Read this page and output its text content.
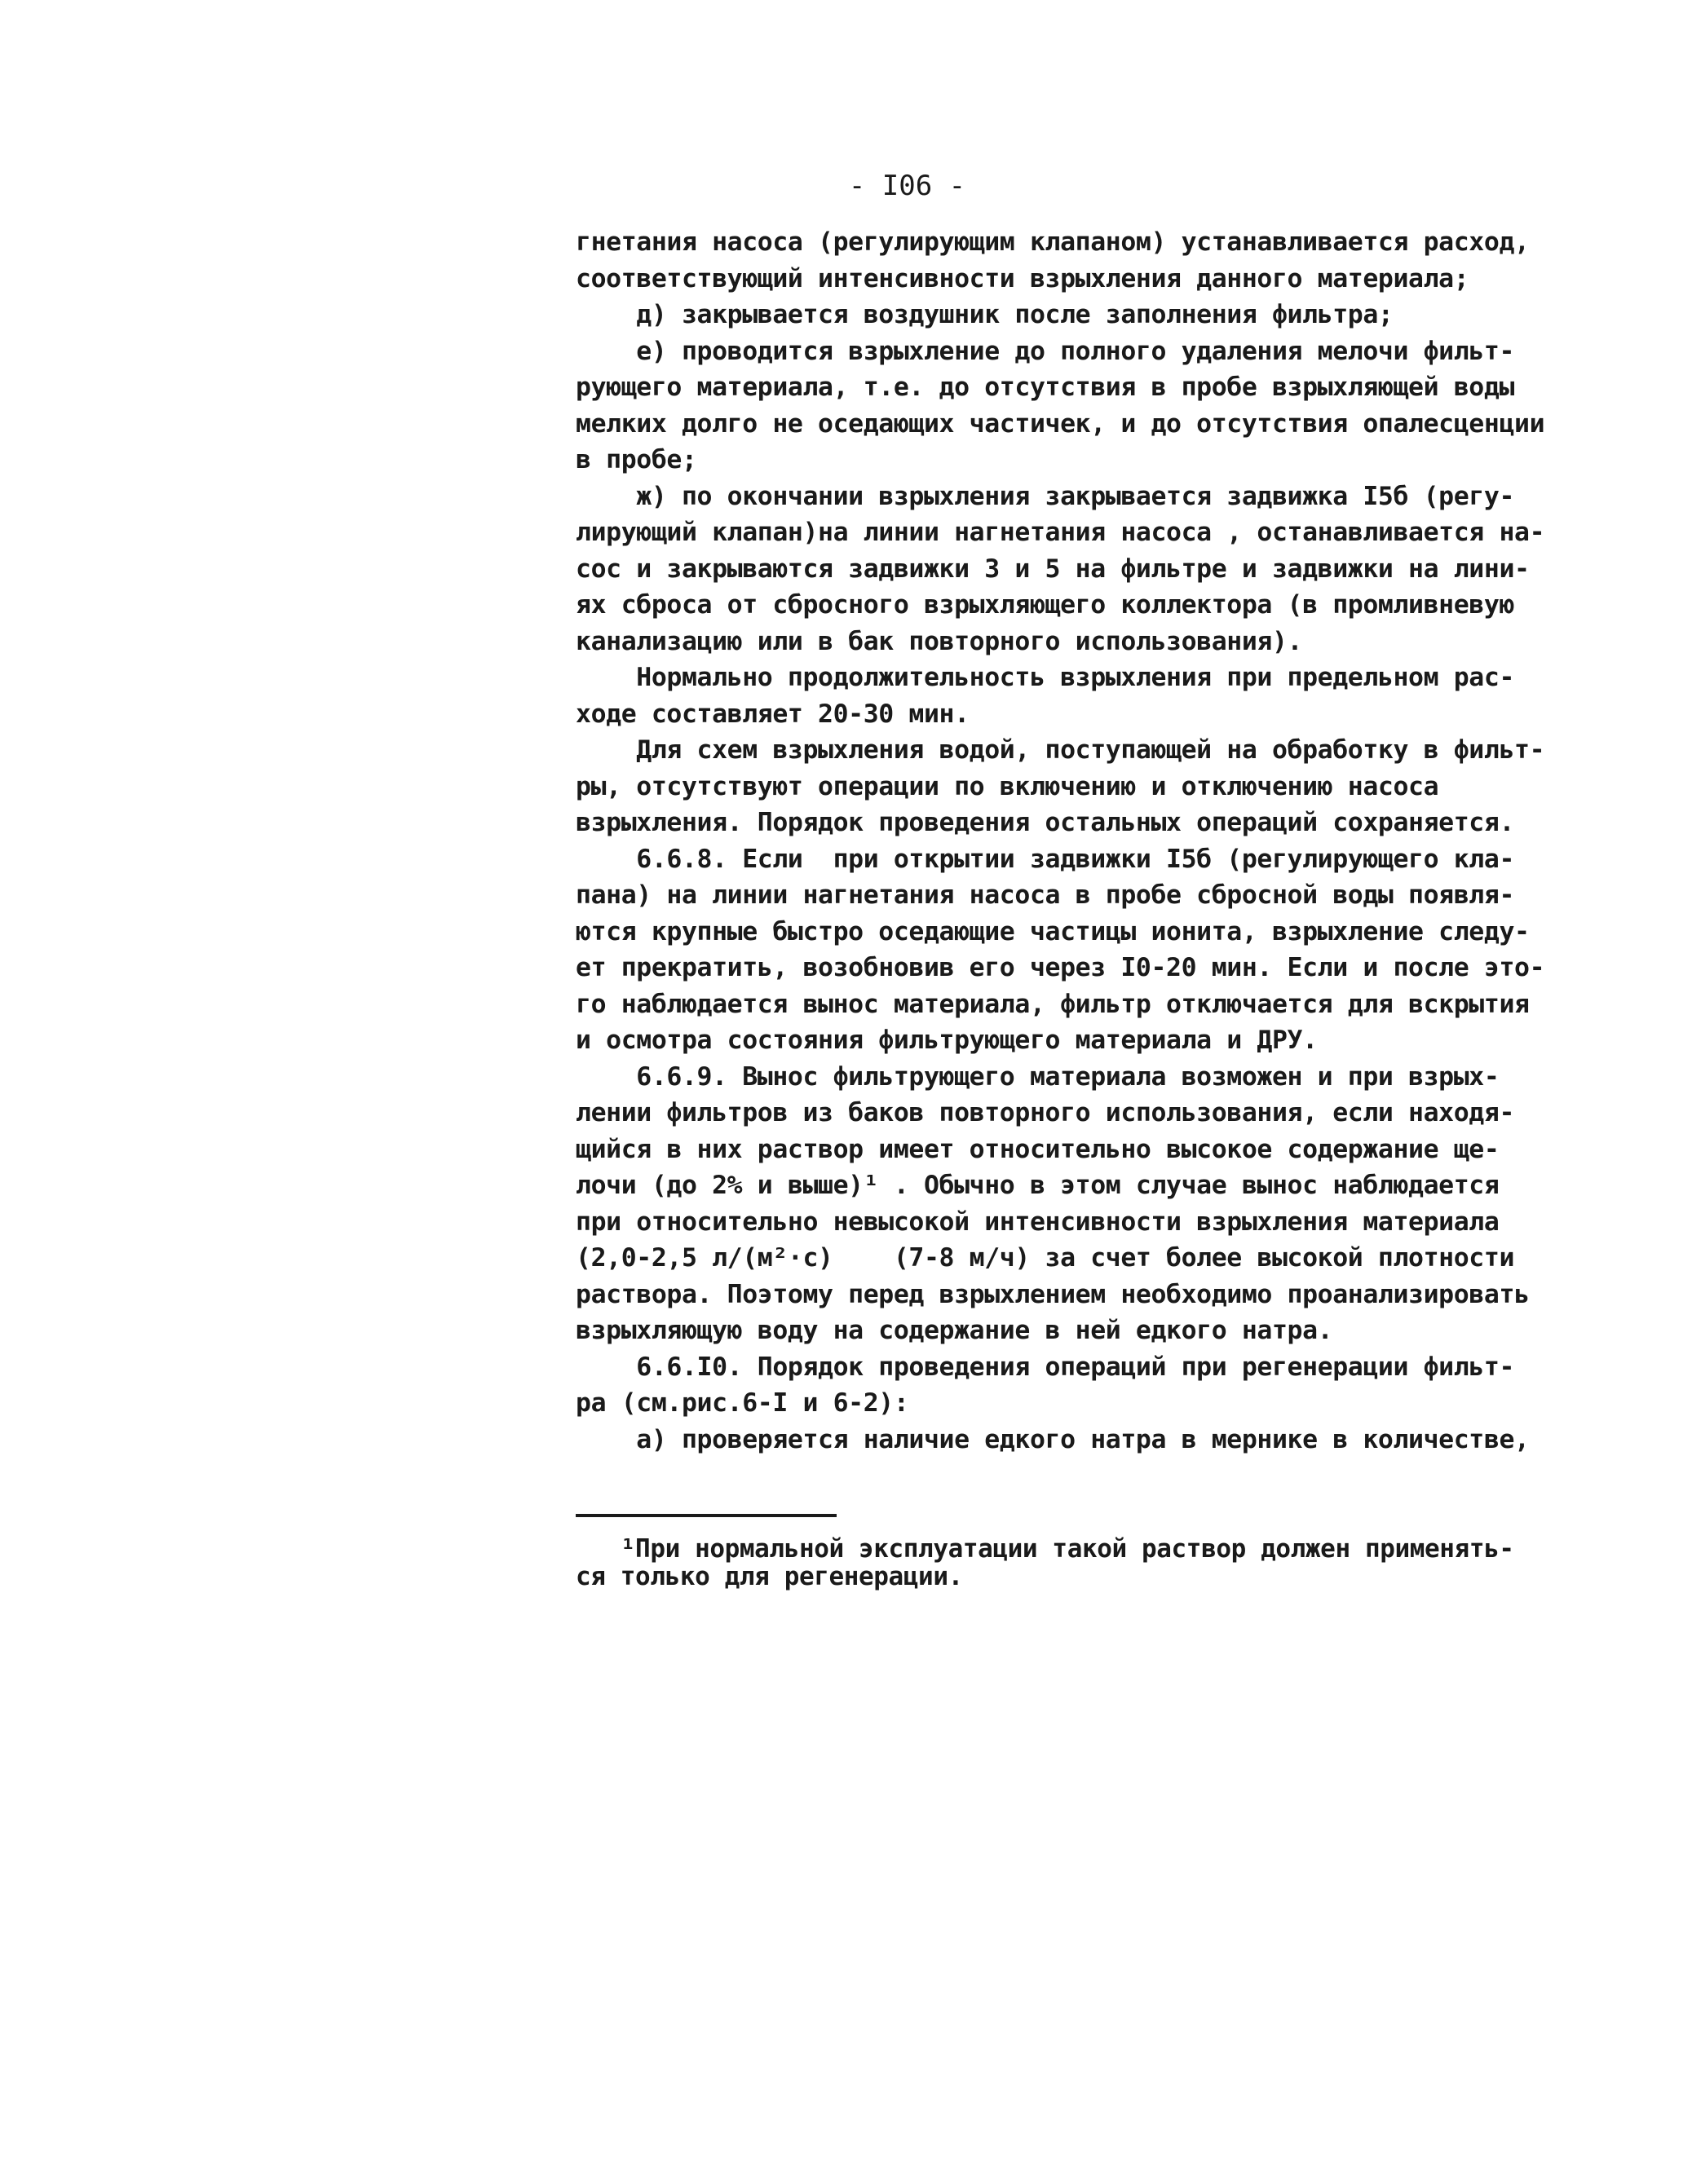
- I06 -
гнетания насоса (регулирующим клапаном) устанавливается расход,
соответствующий интенсивности взрыхления данного материала;
д) закрывается воздушник после заполнения фильтра;
е) проводится взрыхление до полного удаления мелочи фильт-
рующего материала, т.е. до отсутствия в пробе взрыхляющей воды
мелких долго не оседающих частичек, и до отсутствия опалесценции
в пробе;
ж) по окончании взрыхления закрывается задвижка I5б (регу-
лирующий клапан)на линии нагнетания насоса , останавливается на-
сос и закрываются задвижки 3 и 5 на фильтре и задвижки на лини-
ях сброса от сбросного взрыхляющего коллектора (в промливневую
канализацию или в бак повторного использования).
Нормально продолжительность взрыхления при предельном рас-
ходе составляет 20-30 мин.
Для схем взрыхления водой, поступающей на обработку в фильт-
ры, отсутствуют операции по включению и отключению насоса
взрыхления. Порядок проведения остальных операций сохраняется.
6.6.8. Если  при открытии задвижки I5б (регулирующего кла-
пана) на линии нагнетания насоса в пробе сбросной воды появля-
ются крупные быстро оседающие частицы ионита, взрыхление следу-
ет прекратить, возобновив его через I0-20 мин. Если и после это-
го наблюдается вынос материала, фильтр отключается для вскрытия
и осмотра состояния фильтрующего материала и ДРУ.
6.6.9. Вынос фильтрующего материала возможен и при взрых-
лении фильтров из баков повторного использования, если находя-
щийся в них раствор имеет относительно высокое содержание ще-
лочи (до 2% и выше)¹ . Обычно в этом случае вынос наблюдается
при относительно невысокой интенсивности взрыхления материала
(2,0-2,5 л/(м²·с)    (7-8 м/ч) за счет более высокой плотности
раствора. Поэтому перед взрыхлением необходимо проанализировать
взрыхляющую воду на содержание в ней едкого натра.
6.6.I0. Порядок проведения операций при регенерации фильт-
ра (см.рис.6-I и 6-2):
а) проверяется наличие едкого натра в мернике в количестве,
¹При нормальной эксплуатации такой раствор должен применять-
ся только для регенерации.
